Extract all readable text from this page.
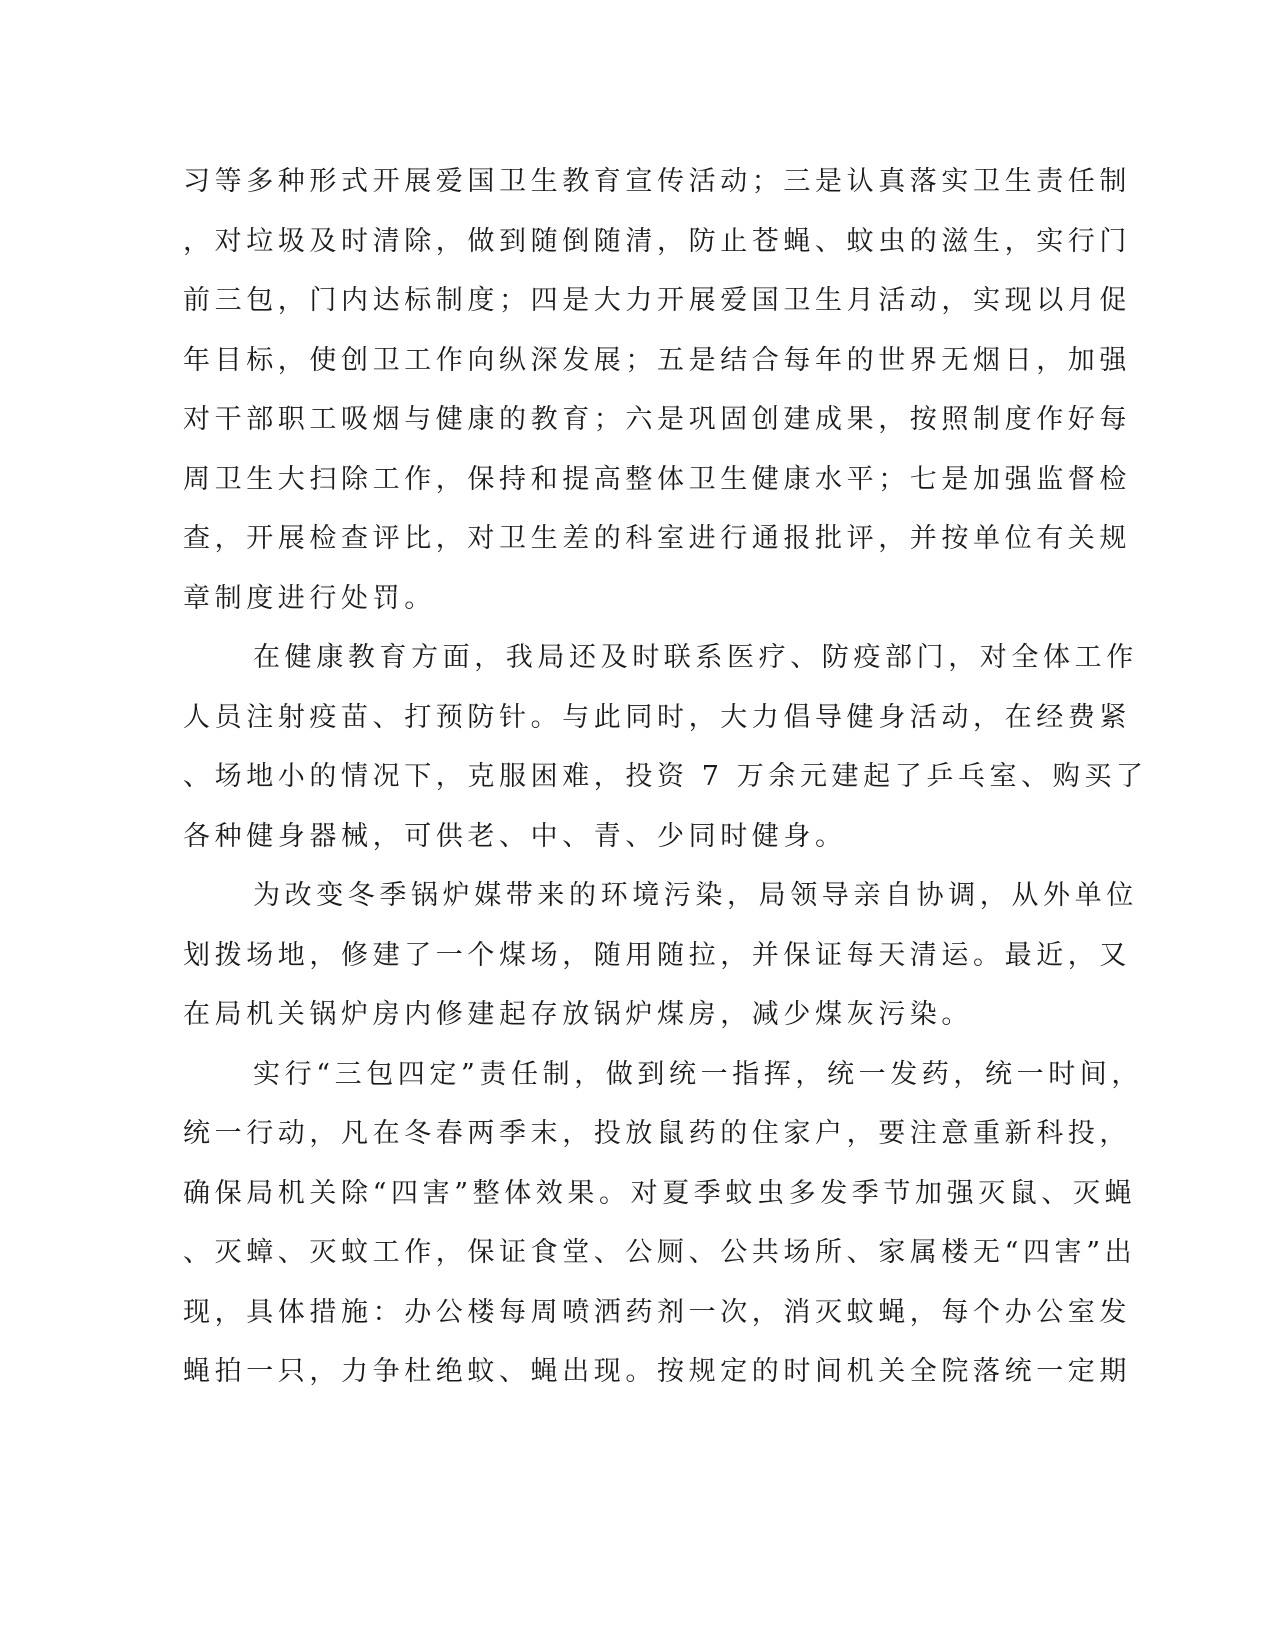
习等多种形式开展爱国卫生教育宣传活动；三是认真落实卫生责任制
，对垃圾及时清除，做到随倒随清，防止苍蝇、蚊虫的滋生，实行门
前三包，门内达标制度；四是大力开展爱国卫生月活动，实现以月促
年目标，使创卫工作向纵深发展；五是结合每年的世界无烟日，加强
对干部职工吸烟与健康的教育；六是巩固创建成果，按照制度作好每
周卫生大扫除工作，保持和提高整体卫生健康水平；七是加强监督检
查，开展检查评比，对卫生差的科室进行通报批评，并按单位有关规
章制度进行处罚。
在健康教育方面，我局还及时联系医疗、防疫部门，对全体工作
人员注射疫苗、打预防针。与此同时，大力倡导健身活动，在经费紧
、场地小的情况下，克服困难，投资 7 万余元建起了乒乓室、购买了
各种健身器械，可供老、中、青、少同时健身。
为改变冬季锅炉媒带来的环境污染，局领导亲自协调，从外单位
划拨场地，修建了一个煤场，随用随拉，并保证每天清运。最近，又
在局机关锅炉房内修建起存放锅炉煤房，减少煤灰污染。
实行“三包四定”责任制，做到统一指挥，统一发药，统一时间，
统一行动，凡在冬春两季末，投放鼠药的住家户，要注意重新科投，
确保局机关除“四害”整体效果。对夏季蚊虫多发季节加强灭鼠、灭蝇
、灭蟑、灭蚊工作，保证食堂、公厕、公共场所、家属楼无“四害”出
现，具体措施：办公楼每周喷洒药剂一次，消灭蚊蝇，每个办公室发
蝇拍一只，力争杜绝蚊、蝇出现。按规定的时间机关全院落统一定期
